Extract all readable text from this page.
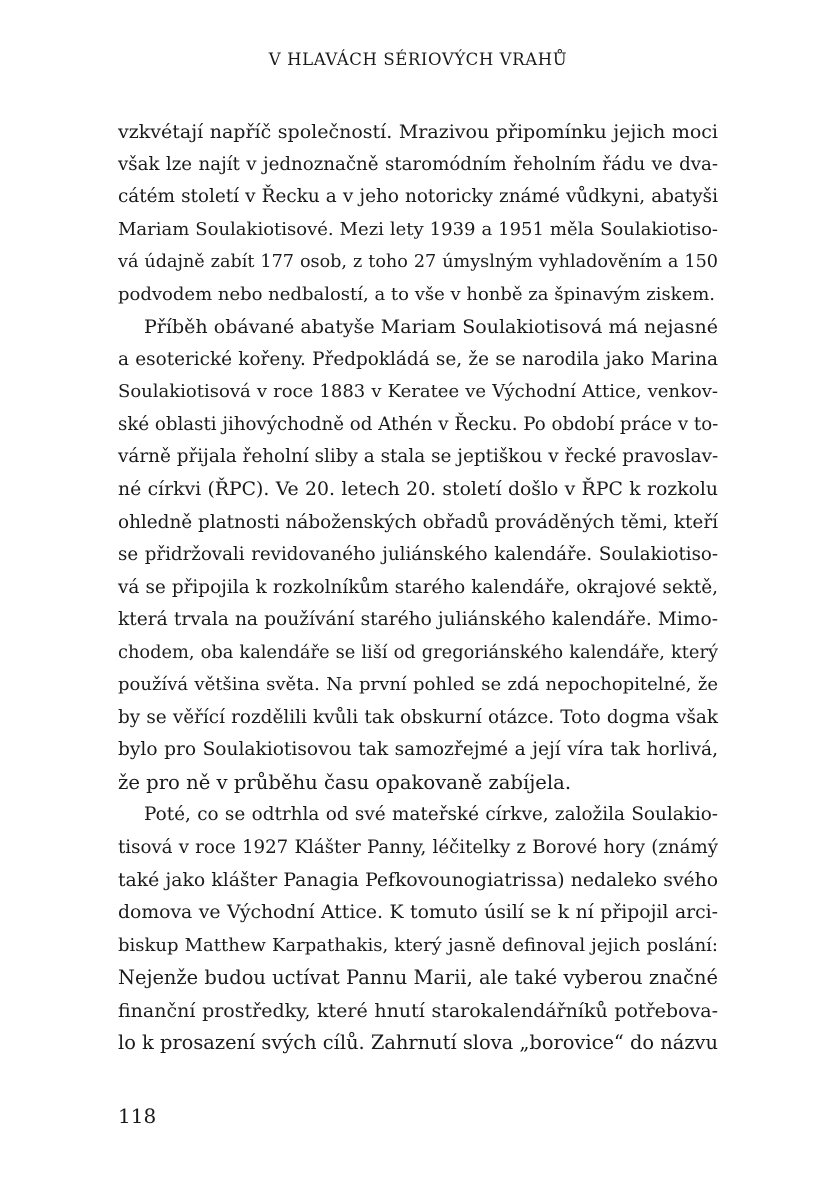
V HLAVÁCH SÉRIOVÝCH VRAHŮ
vzkvétají napříč společností. Mrazivou připomínku jejich moci
však lze najít v jednoznačně staromódním řeholním řádu ve dva-
cátém století v Řecku a v jeho notoricky známé vůdkyni, abatyši
Mariam Soulakiotisové. Mezi lety 1939 a 1951 měla Soulakiotiso-
vá údajně zabít 177 osob, z toho 27 úmyslným vyhladověním a 150
podvodem nebo nedbalostí, a to vše v honbě za špinavým ziskem.
Příběh obávané abatyše Mariam Soulakiotisová má nejasné
a esoterické kořeny. Předpokládá se, že se narodila jako Marina
Soulakiotisová v roce 1883 v Keratee ve Východní Attice, venkov-
ské oblasti jihovýchodně od Athén v Řecku. Po období práce v to-
várně přijala řeholní sliby a stala se jeptiškou v řecké pravoslav-
né církvi (ŘPC). Ve 20. letech 20. století došlo v ŘPC k rozkolu
ohledně platnosti náboženských obřadů prováděných těmi, kteří
se přidržovali revidovaného juliánského kalendáře. Soulakiotiso-
vá se připojila k rozkolníkům starého kalendáře, okrajové sektě,
která trvala na používání starého juliánského kalendáře. Mimo-
chodem, oba kalendáře se liší od gregoriánského kalendáře, který
používá většina světa. Na první pohled se zdá nepochopitelné, že
by se věřící rozdělili kvůli tak obskurní otázce. Toto dogma však
bylo pro Soulakiotisovou tak samozřejmé a její víra tak horlivá,
že pro ně v průběhu času opakovaně zabíjela.
Poté, co se odtrhla od své mateřské církve, založila Soulakio-
tisová v roce 1927 Klášter Panny, léčitelky z Borové hory (známý
také jako klášter Panagia Pefkovounogiatrissa) nedaleko svého
domova ve Východní Attice. K tomuto úsilí se k ní připojil arci-
biskup Matthew Karpathakis, který jasně definoval jejich poslání:
Nejenže budou uctívat Pannu Marii, ale také vyberou značné
finanční prostředky, které hnutí starokalendářníků potřebova-
lo k prosazení svých cílů. Zahrnutí slova „borovice“ do názvu
118
